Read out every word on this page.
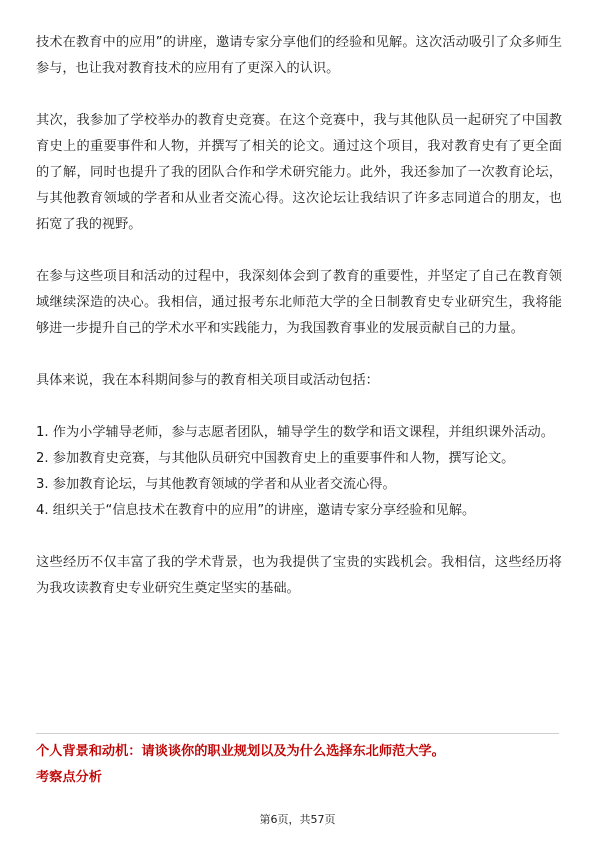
技术在教育中的应用”的讲座，邀请专家分享他们的经验和见解。这次活动吸引了众多师生参与，也让我对教育技术的应用有了更深入的认识。

其次，我参加了学校举办的教育史竞赛。在这个竞赛中，我与其他队员一起研究了中国教育史上的重要事件和人物，并撰写了相关的论文。通过这个项目，我对教育史有了更全面的了解，同时也提升了我的团队合作和学术研究能力。此外，我还参加了一次教育论坛，与其他教育领域的学者和从业者交流心得。这次论坛让我结识了许多志同道合的朋友，也拓宽了我的视野。

在参与这些项目和活动的过程中，我深刻体会到了教育的重要性，并坚定了自己在教育领域继续深造的决心。我相信，通过报考东北师范大学的全日制教育史专业研究生，我将能够进一步提升自己的学术水平和实践能力，为我国教育事业的发展贡献自己的力量。

具体来说，我在本科期间参与的教育相关项目或活动包括：

1. 作为小学辅导老师，参与志愿者团队，辅导学生的数学和语文课程，并组织课外活动。

2. 参加教育史竞赛，与其他队员研究中国教育史上的重要事件和人物，撰写论文。

3. 参加教育论坛，与其他教育领域的学者和从业者交流心得。

4. 组织关于“信息技术在教育中的应用”的讲座，邀请专家分享经验和见解。

这些经历不仅丰富了我的学术背景，也为我提供了宝贵的实践机会。我相信，这些经历将为我攻读教育史专业研究生奠定坚实的基础。

个人背景和动机：请谈谈你的职业规划以及为什么选择东北师范大学。

考察点分析

第6页，共57页
